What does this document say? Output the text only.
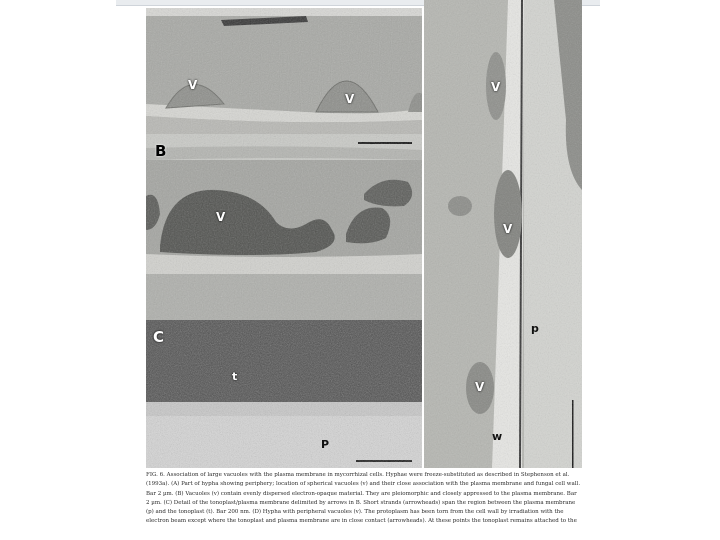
V
V
B
V
C
t
P
V
V
p
V
w
FIG. 6. Association of large vacuoles with the plasma membrane in mycorrhizal cells. Hyphae were freeze-substituted as described in Stephenson et al.
(1993a). (A) Part of hypha showing periphery; location of spherical vacuoles (v) and their close association with the plasma membrane and fungal cell wall.
Bar 2 µm. (B) Vacuoles (v) contain evenly dispersed electron-opaque material. They are pleiomorphic and closely appressed to the plasma membrane. Bar
2 µm. (C) Detail of the tonoplast/plasma membrane delimited by arrows in B. Short strands (arrowheads) span the region between the plasma membrane
(p) and the tonoplast (t). Bar 200 nm. (D) Hypha with peripheral vacuoles (v). The protoplasm has been torn from the cell wall by irradiation with the
electron beam except where the tonoplast and plasma membrane are in close contact (arrowheads). At these points the tonoplast remains attached to the
